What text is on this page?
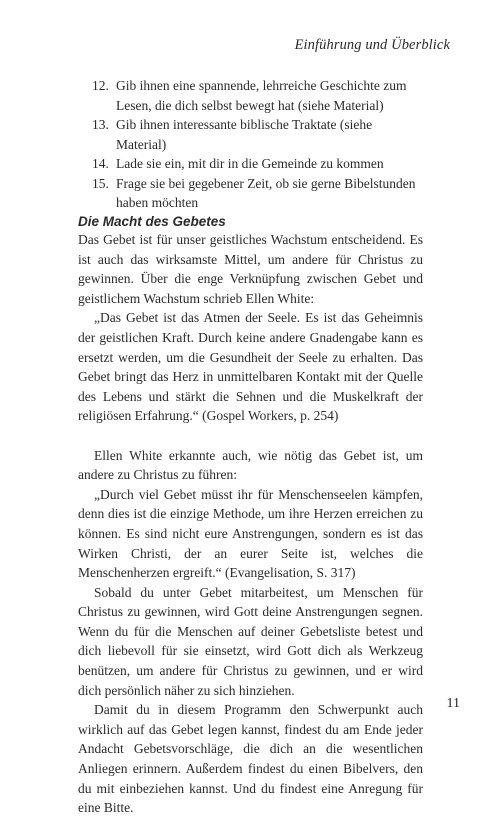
Einführung und Überblick
12. Gib ihnen eine spannende, lehrreiche Geschichte zum Lesen, die dich selbst bewegt hat (siehe Material)
13. Gib ihnen interessante biblische Traktate (siehe Material)
14. Lade sie ein, mit dir in die Gemeinde zu kommen
15. Frage sie bei gegebener Zeit, ob sie gerne Bibelstunden haben möchten
Die Macht des Gebetes

Das Gebet ist für unser geistliches Wachstum entscheidend. Es ist auch das wirksamste Mittel, um andere für Christus zu gewinnen. Über die enge Verknüpfung zwischen Gebet und geistlichem Wachstum schrieb Ellen White:

„Das Gebet ist das Atmen der Seele. Es ist das Geheimnis der geistlichen Kraft. Durch keine andere Gnadengabe kann es ersetzt werden, um die Gesundheit der Seele zu erhalten. Das Gebet bringt das Herz in unmittelbaren Kontakt mit der Quelle des Lebens und stärkt die Sehnen und die Muskelkraft der religiösen Erfahrung.“ (Gospel Workers, p. 254)

Ellen White erkannte auch, wie nötig das Gebet ist, um andere zu Christus zu führen:

„Durch viel Gebet müsst ihr für Menschenseelen kämpfen, denn dies ist die einzige Methode, um ihre Herzen erreichen zu können. Es sind nicht eure Anstrengungen, sondern es ist das Wirken Christi, der an eurer Seite ist, welches die Menschenherzen ergreift.“ (Evangelisation, S. 317)

Sobald du unter Gebet mitarbeitest, um Menschen für Christus zu gewinnen, wird Gott deine Anstrengungen segnen. Wenn du für die Menschen auf deiner Gebetsliste betest und dich liebevoll für sie einsetzt, wird Gott dich als Werkzeug benützen, um andere für Christus zu gewinnen, und er wird dich persönlich näher zu sich hinziehen.

Damit du in diesem Programm den Schwerpunkt auch wirklich auf das Gebet legen kannst, findest du am Ende jeder Andacht Gebetsvorschläge, die dich an die wesentlichen Anliegen erinnern. Außerdem findest du einen Bibelvers, den du mit einbeziehen kannst. Und du findest eine Anregung für eine Bitte.

11
